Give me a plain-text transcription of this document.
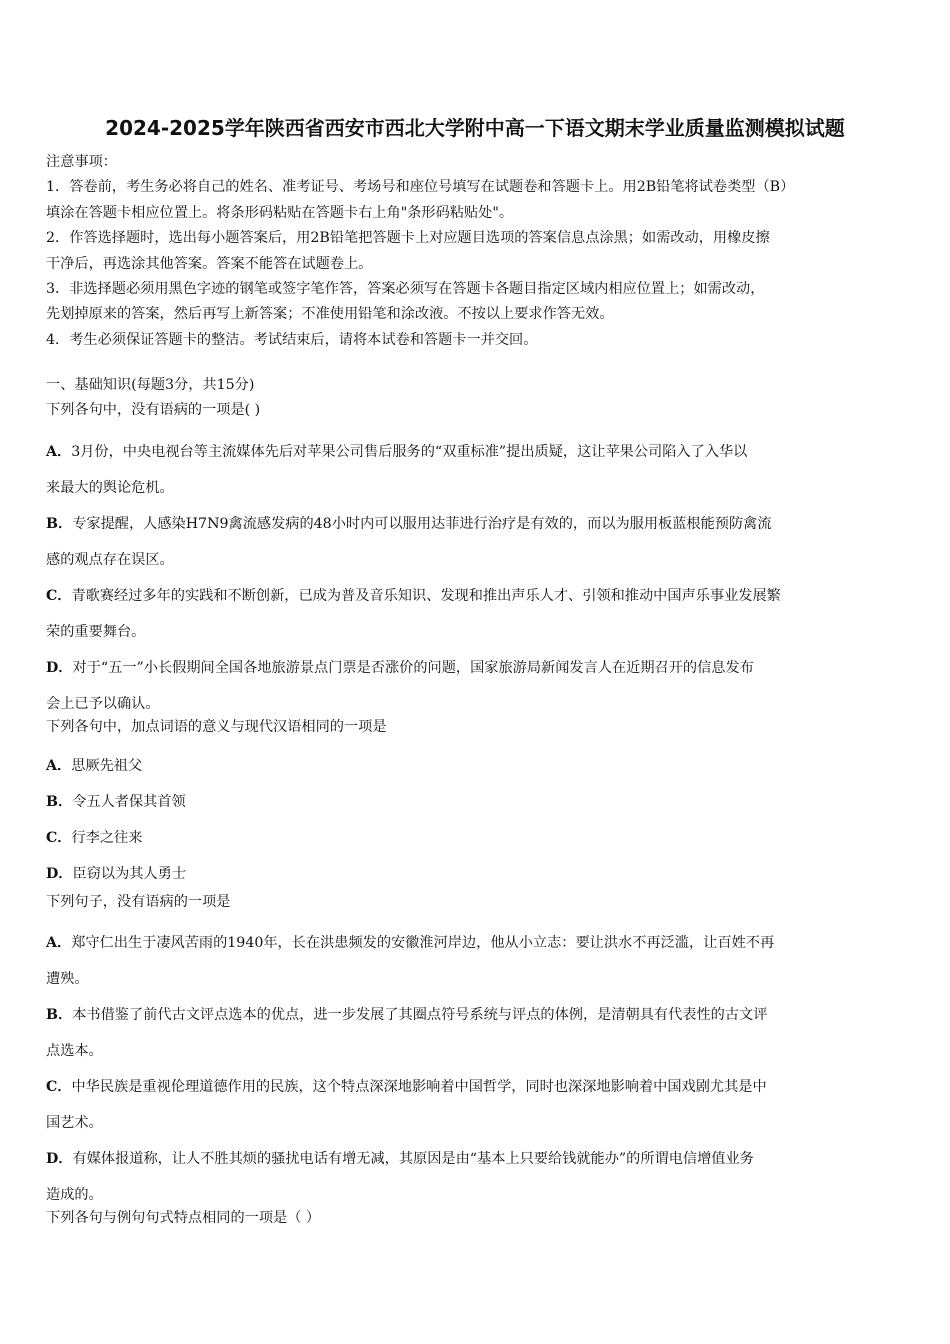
2024-2025学年陕西省西安市西北大学附中高一下语文期末学业质量监测模拟试题

注意事项：

1．答卷前，考生务必将自己的姓名、准考证号、考场号和座位号填写在试题卷和答题卡上。用2B铅笔将试卷类型（B）

填涂在答题卡相应位置上。将条形码粘贴在答题卡右上角"条形码粘贴处"。

2．作答选择题时，选出每小题答案后，用2B铅笔把答题卡上对应题目选项的答案信息点涂黑；如需改动，用橡皮擦

干净后，再选涂其他答案。答案不能答在试题卷上。

3．非选择题必须用黑色字迹的钢笔或签字笔作答，答案必须写在答题卡各题目指定区域内相应位置上；如需改动，

先划掉原来的答案，然后再写上新答案；不准使用铅笔和涂改液。不按以上要求作答无效。

4．考生必须保证答题卡的整洁。考试结束后，请将本试卷和答题卡一并交回。

一、基础知识(每题3分，共15分)

下列各句中，没有语病的一项是( )

A．3月份，中央电视台等主流媒体先后对苹果公司售后服务的“双重标准”提出质疑，这让苹果公司陷入了入华以

来最大的舆论危机。

B．专家提醒，人感染H7N9禽流感发病的48小时内可以服用达菲进行治疗是有效的，而以为服用板蓝根能预防禽流

感的观点存在误区。

C．青歌赛经过多年的实践和不断创新，已成为普及音乐知识、发现和推出声乐人才、引领和推动中国声乐事业发展繁

荣的重要舞台。

D．对于“五一”小长假期间全国各地旅游景点门票是否涨价的问题，国家旅游局新闻发言人在近期召开的信息发布

会上已予以确认。

下列各句中，加点词语的意义与现代汉语相同的一项是

A．思厥先祖父

B．令五人者保其首领

C．行李之往来

D．臣窃以为其人勇士

下列句子，没有语病的一项是

A．郑守仁出生于凄风苦雨的1940年，长在洪患频发的安徽淮河岸边，他从小立志：要让洪水不再泛滥，让百姓不再

遭殃。

B．本书借鉴了前代古文评点选本的优点，进一步发展了其圈点符号系统与评点的体例，是清朝具有代表性的古文评

点选本。

C．中华民族是重视伦理道德作用的民族，这个特点深深地影响着中国哲学，同时也深深地影响着中国戏剧尤其是中

国艺术。

D．有媒体报道称，让人不胜其烦的骚扰电话有增无减，其原因是由“基本上只要给钱就能办”的所谓电信增值业务

造成的。

下列各句与例句句式特点相同的一项是（ ）
